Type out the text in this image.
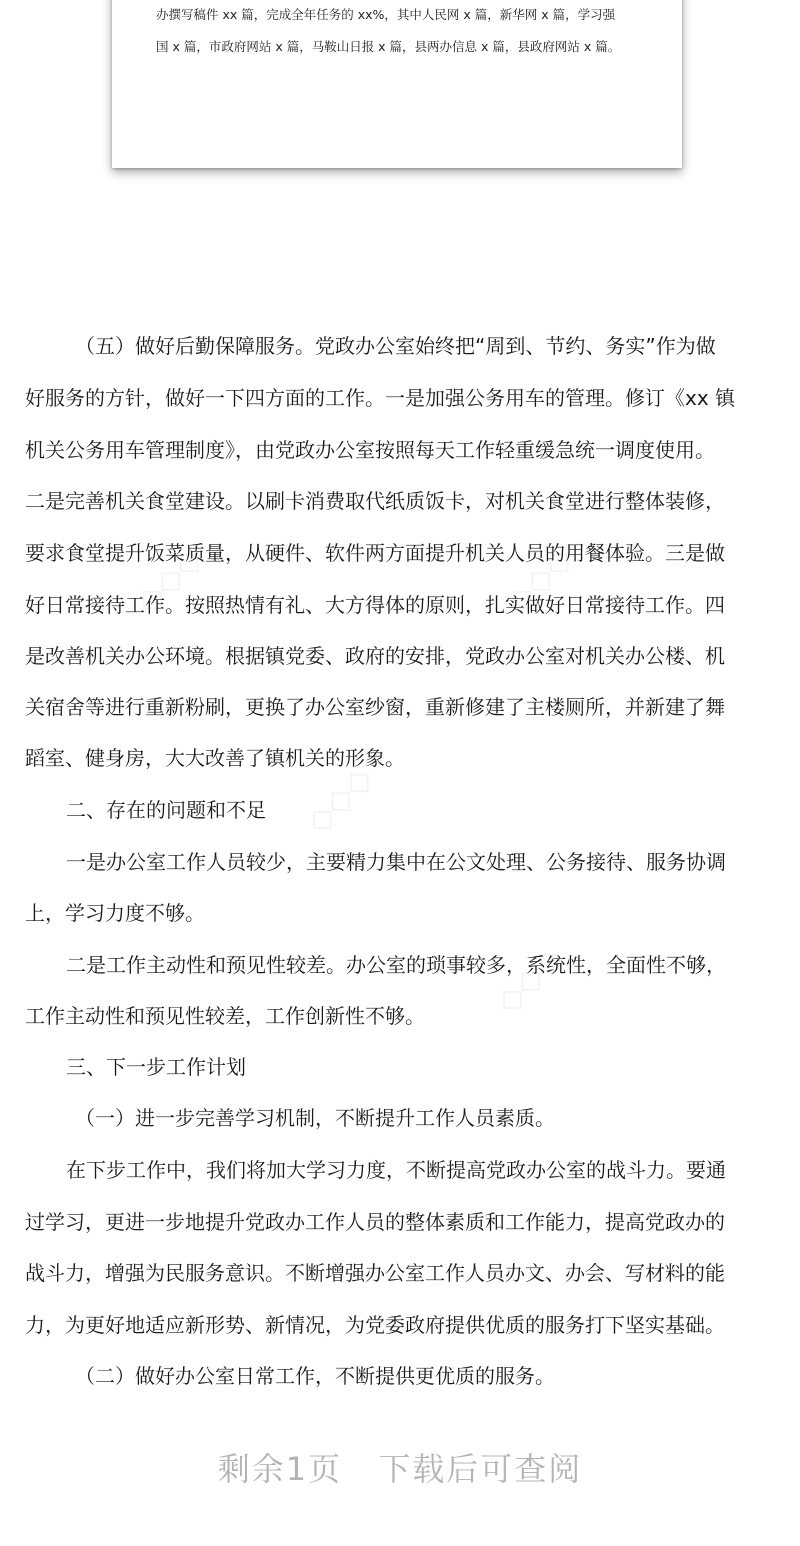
办撰写稿件 xx 篇，完成全年任务的 xx%，其中人民网 x 篇，新华网 x 篇，学习强
国 x 篇，市政府网站 x 篇，马鞍山日报 x 篇，县两办信息 x 篇，县政府网站 x 篇。
（五）做好后勤保障服务。党政办公室始终把“周到、节约、务实”作为做
好服务的方针，做好一下四方面的工作。一是加强公务用车的管理。修订《xx 镇
机关公务用车管理制度》，由党政办公室按照每天工作轻重缓急统一调度使用。
二是完善机关食堂建设。以刷卡消费取代纸质饭卡，对机关食堂进行整体装修，
要求食堂提升饭菜质量，从硬件、软件两方面提升机关人员的用餐体验。三是做
好日常接待工作。按照热情有礼、大方得体的原则，扎实做好日常接待工作。四
是改善机关办公环境。根据镇党委、政府的安排，党政办公室对机关办公楼、机
关宿舍等进行重新粉刷，更换了办公室纱窗，重新修建了主楼厕所，并新建了舞
蹈室、健身房，大大改善了镇机关的形象。
二、存在的问题和不足
一是办公室工作人员较少，主要精力集中在公文处理、公务接待、服务协调
上，学习力度不够。
二是工作主动性和预见性较差。办公室的琐事较多，系统性，全面性不够，
工作主动性和预见性较差，工作创新性不够。
三、下一步工作计划
（一）进一步完善学习机制，不断提升工作人员素质。
在下步工作中，我们将加大学习力度，不断提高党政办公室的战斗力。要通
过学习，更进一步地提升党政办工作人员的整体素质和工作能力，提高党政办的
战斗力，增强为民服务意识。不断增强办公室工作人员办文、办会、写材料的能
力，为更好地适应新形势、新情况，为党委政府提供优质的服务打下坚实基础。
（二）做好办公室日常工作，不断提供更优质的服务。
剩余1页 下载后可查阅
